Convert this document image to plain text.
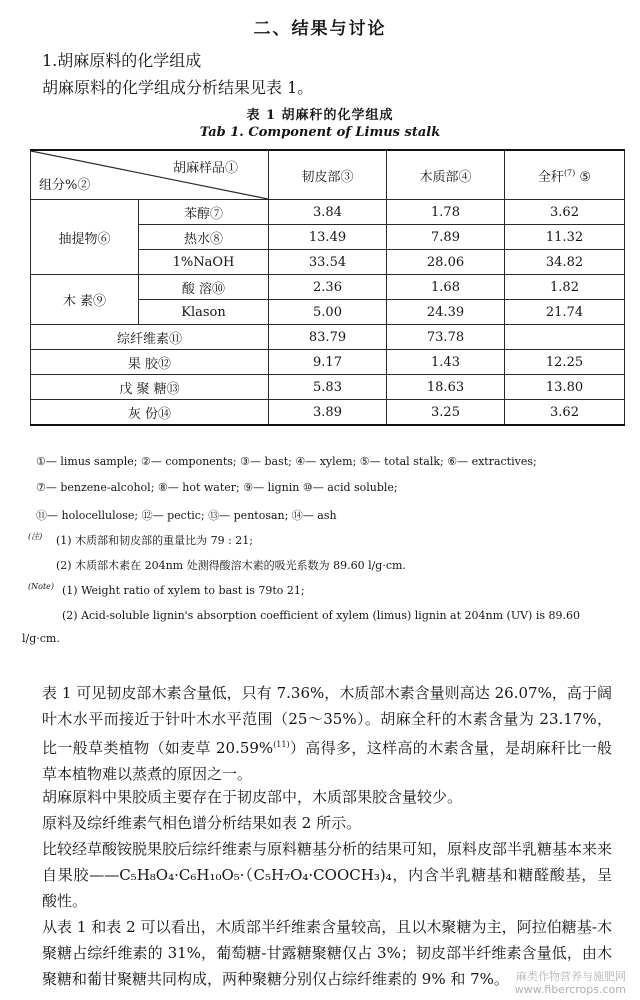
二、结果与讨论
1.胡麻原料的化学组成
胡麻原料的化学组成分析结果见表 1。
表 1 胡麻秆的化学组成
Tab 1. Component of Limus stalk
胡麻样品①
组分%②		韧皮部③	木质部④	全秆$^{(7)}$ ⑤
抽提物⑥	苯醇⑦	3.84	1.78	3.62
	热水⑧	13.49	7.89	11.32
	1%NaOH	33.54	28.06	34.82
木 素⑨	酸 溶⑩	2.36	1.68	1.82
	Klason	5.00	24.39	21.74
综纤维素⑪		83.79	73.78	
果 胶⑫		9.17	1.43	12.25
戊 聚 糖⑬		5.83	18.63	13.80
灰 份⑭		3.89	3.25	3.62
①— limus sample; ②— components; ③— bast; ④— xylem; ⑤— total stalk; ⑥— extractives;
⑦— benzene-alcohol; ⑧— hot water; ⑨— lignin ⑩— acid soluble;
⑪— holocellulose; ⑫— pectic; ⑬— pentosan; ⑭— ash
(注) (1) 木质部和韧皮部的重量比为 79 : 21;
(2) 木质部木素在 204nm 处测得酸溶木素的吸光系数为 89.60 l/g·cm.
(Note) (1) Weight ratio of xylem to bast is 79to 21;
(2) Acid-soluble lignin's absorption coefficient of xylem (limus) lignin at 204nm (UV) is 89.60
l/g·cm.
表 1 可见韧皮部木素含量低，只有 7.36%，木质部木素含量则高达 26.07%，高于阔叶木水平而接近于针叶木水平范围（25～35%）。胡麻全秆的木素含量为 23.17%，比一般草类植物（如麦草 20.59%$^{(11)}$）高得多，这样高的木素含量，是胡麻秆比一般草本植物难以蒸煮的原因之一。
胡麻原料中果胶质主要存在于韧皮部中，木质部果胶含量较少。
原料及综纤维素气相色谱分析结果如表 2 所示。
比较经草酸铵脱果胶后综纤维素与原料糖基分析的结果可知，原料皮部半乳糖基本来来自果胶——C₅H₈O₄·C₆H₁₀O₅·（C₅H₇O₄·COOCH₃)₄，内含半乳糖基和糖醛酸基，呈酸性。
从表 1 和表 2 可以看出，木质部半纤维素含量较高，且以木聚糖为主，阿拉伯糖基-木聚糖占综纤维素的 31%，葡萄糖-甘露糖聚糖仅占 3%；韧皮部半纤维素含量低，由木聚糖和葡甘聚糖共同构成，两种聚糖分别仅占综纤维素的 9% 和 7%。 麻类作物营养与施肥网
www.fibercrops.com
